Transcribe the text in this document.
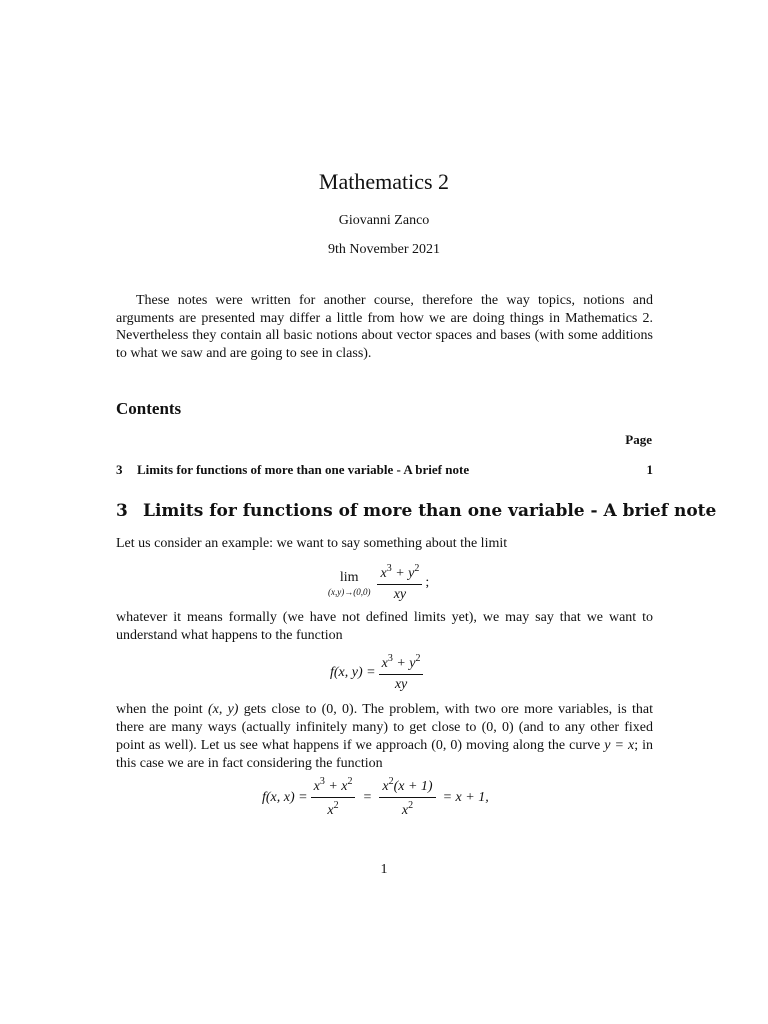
Mathematics 2
Giovanni Zanco
9th November 2021

These notes were written for another course, therefore the way topics, notions and arguments are presented may differ a little from how we are doing things in Mathematics 2. Nevertheless they contain all basic notions about vector spaces and bases (with some additions to what we saw and are going to see in class).

Contents
Page
3 Limits for functions of more than one variable - A brief note	1
3 Limits for functions of more than one variable - A brief note

Let us consider an example: we want to say something about the limit

lim
$(x,y)\to(0,0) \frac{x^3 + y^2}{xy}$ ;

whatever it means formally (we have not defined limits yet), we may say that we want to understand what happens to the function

f(x, $y) = \frac{x^3 + y^2}{xy}$

when the point (x, y) gets close to (0, 0). The problem, with two ore more variables, is that there are many ways (actually infinitely many) to get close to (0, 0) (and to any other fixed point as well). Let us see what happens if we approach (0, 0) moving along the curve y = x; in this case we are in fact considering the function

f(x, $x) = \frac{x^3 + x^2}{x^2} = \frac{x^2(x + 1)}{x^2} = x + 1$,
1
